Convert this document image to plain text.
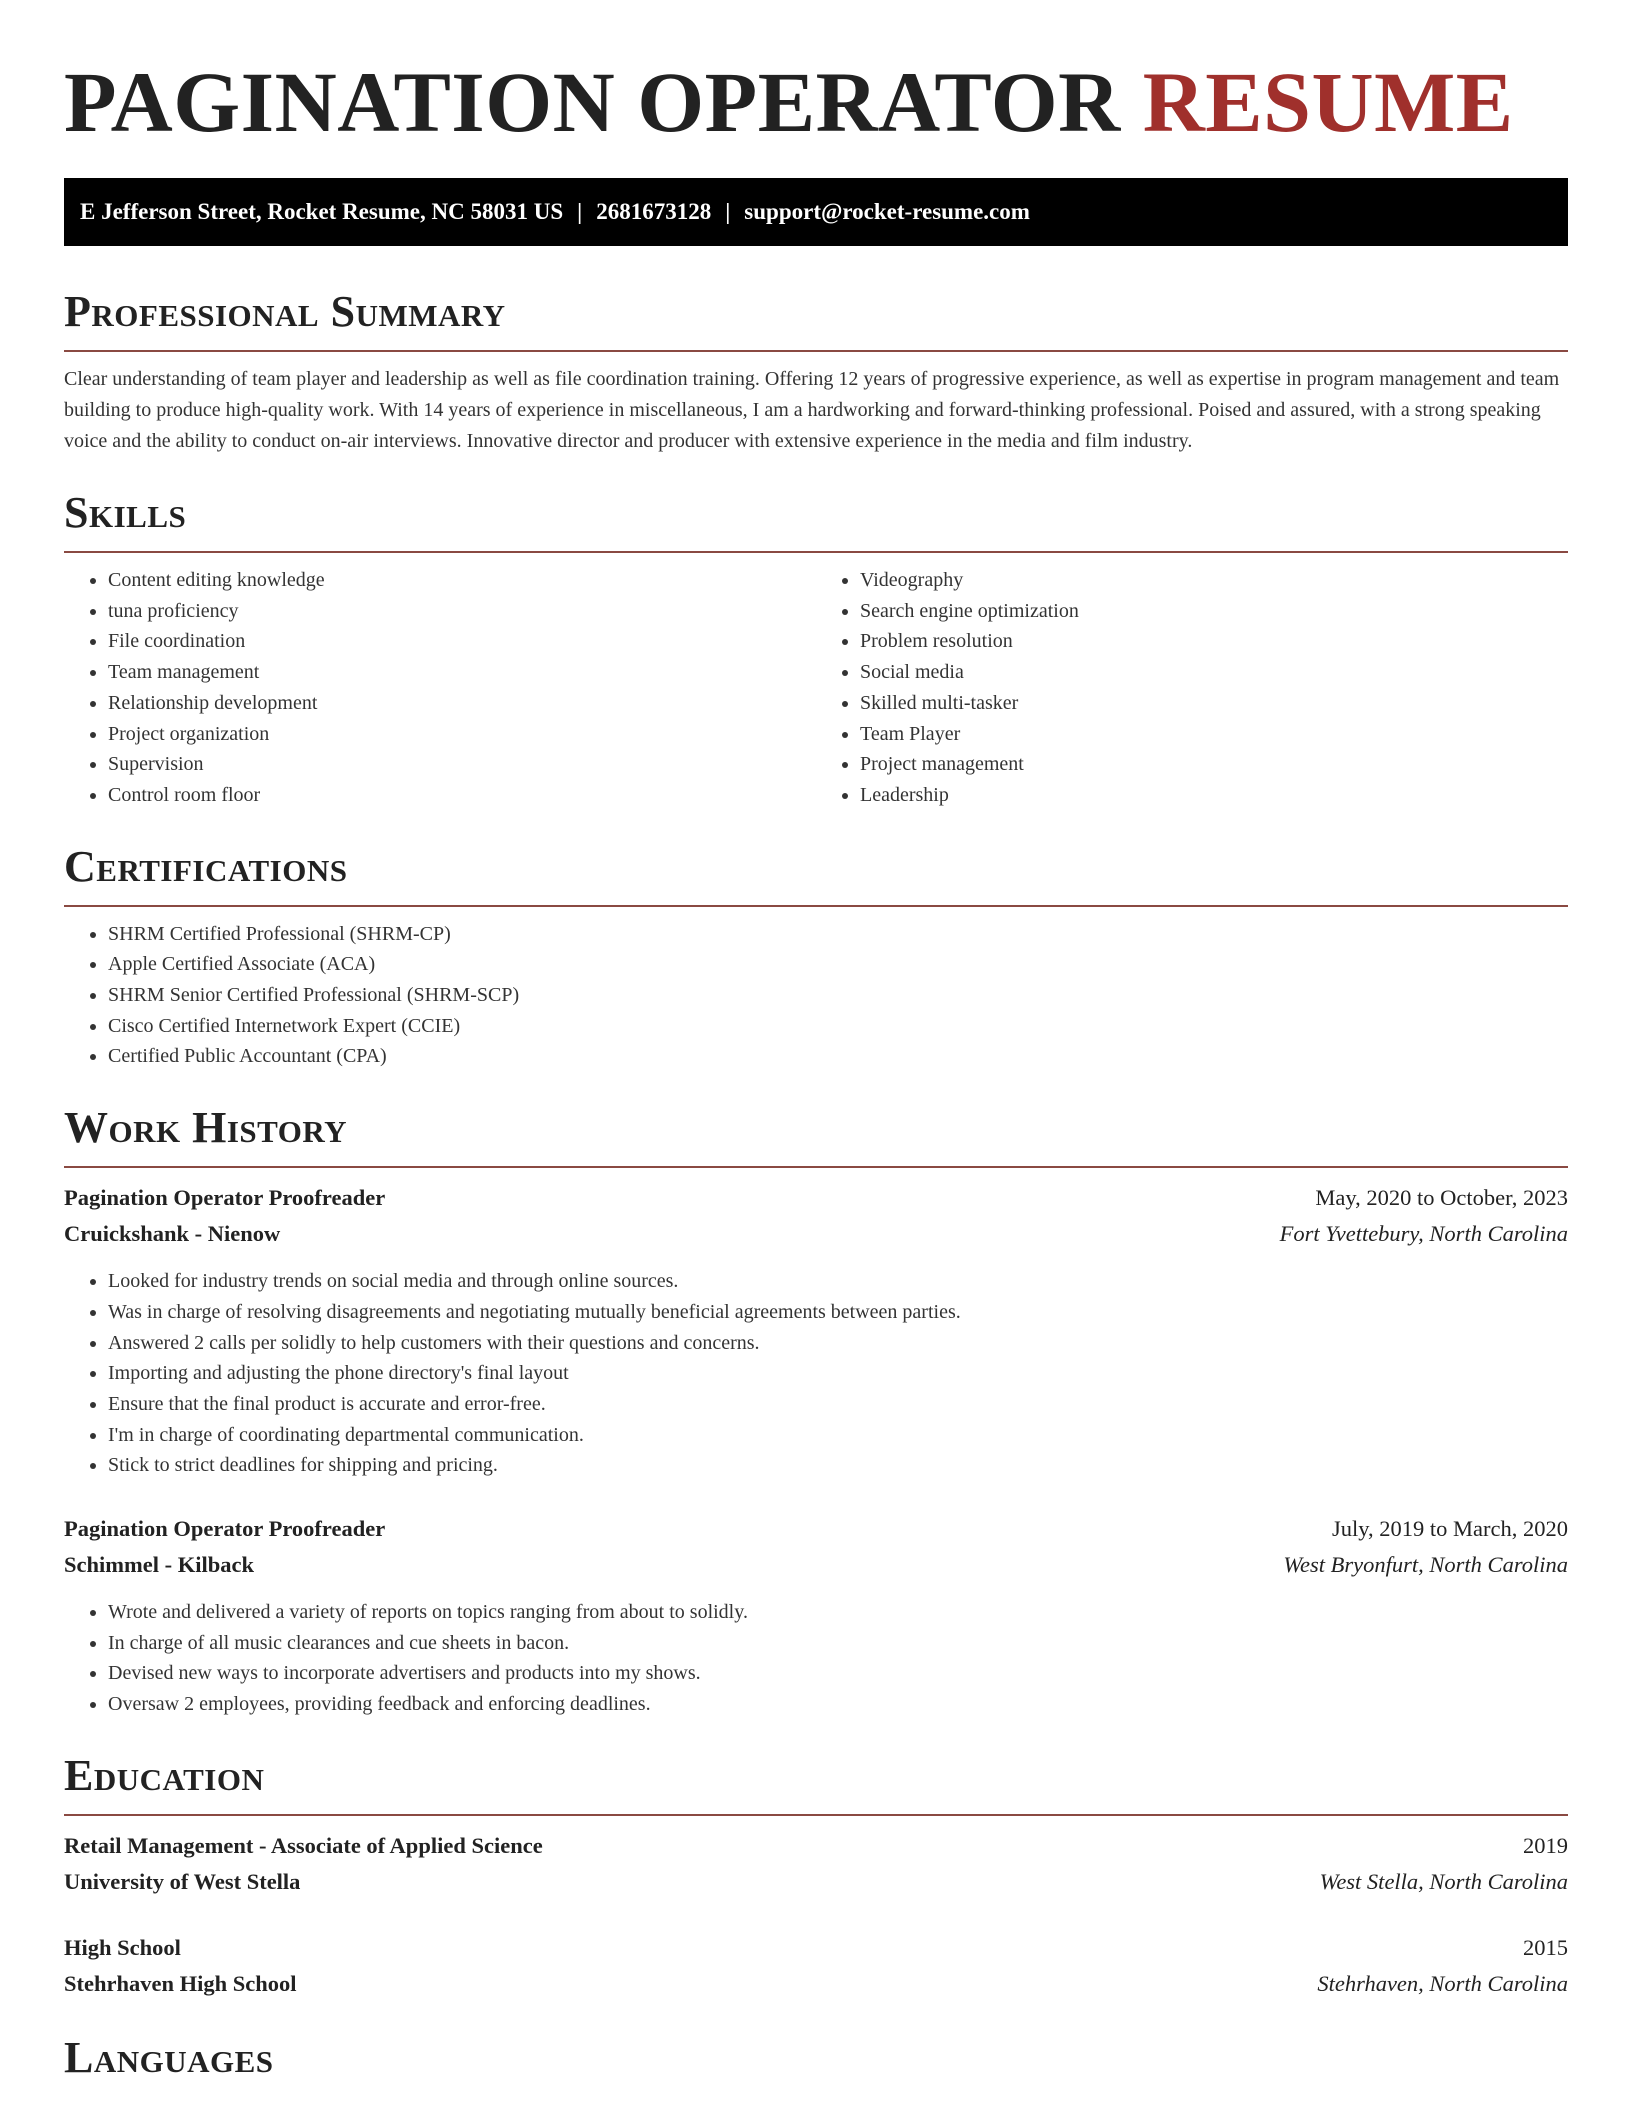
PAGINATION OPERATOR RESUME
E Jefferson Street, Rocket Resume, NC 58031 US | 2681673128 | support@rocket-resume.com
Professional Summary

Clear understanding of team player and leadership as well as file coordination training. Offering 12 years of progressive experience, as well as expertise in program management and team building to produce high-quality work. With 14 years of experience in miscellaneous, I am a hardworking and forward-thinking professional. Poised and assured, with a strong speaking voice and the ability to conduct on-air interviews. Innovative director and producer with extensive experience in the media and film industry.

Skills
• Content editing knowledge
• tuna proficiency
• File coordination
• Team management
• Relationship development
• Project organization
• Supervision
• Control room floor
• Videography
• Search engine optimization
• Problem resolution
• Social media
• Skilled multi-tasker
• Team Player
• Project management
• Leadership
Certifications
• SHRM Certified Professional (SHRM-CP)
• Apple Certified Associate (ACA)
• SHRM Senior Certified Professional (SHRM-SCP)
• Cisco Certified Internetwork Expert (CCIE)
• Certified Public Accountant (CPA)
Work History
Pagination Operator Proofreader	May, 2020 to October, 2023
Cruickshank - Nienow	Fort Yvettebury, North Carolina
• Looked for industry trends on social media and through online sources.
• Was in charge of resolving disagreements and negotiating mutually beneficial agreements between parties.
• Answered 2 calls per solidly to help customers with their questions and concerns.
• Importing and adjusting the phone directory's final layout
• Ensure that the final product is accurate and error-free.
• I'm in charge of coordinating departmental communication.
• Stick to strict deadlines for shipping and pricing.
Pagination Operator Proofreader	July, 2019 to March, 2020
Schimmel - Kilback	West Bryonfurt, North Carolina
• Wrote and delivered a variety of reports on topics ranging from about to solidly.
• In charge of all music clearances and cue sheets in bacon.
• Devised new ways to incorporate advertisers and products into my shows.
• Oversaw 2 employees, providing feedback and enforcing deadlines.
Education
Retail Management - Associate of Applied Science	2019
University of West Stella	West Stella, North Carolina
High School	2015
Stehrhaven High School	Stehrhaven, North Carolina
Languages
